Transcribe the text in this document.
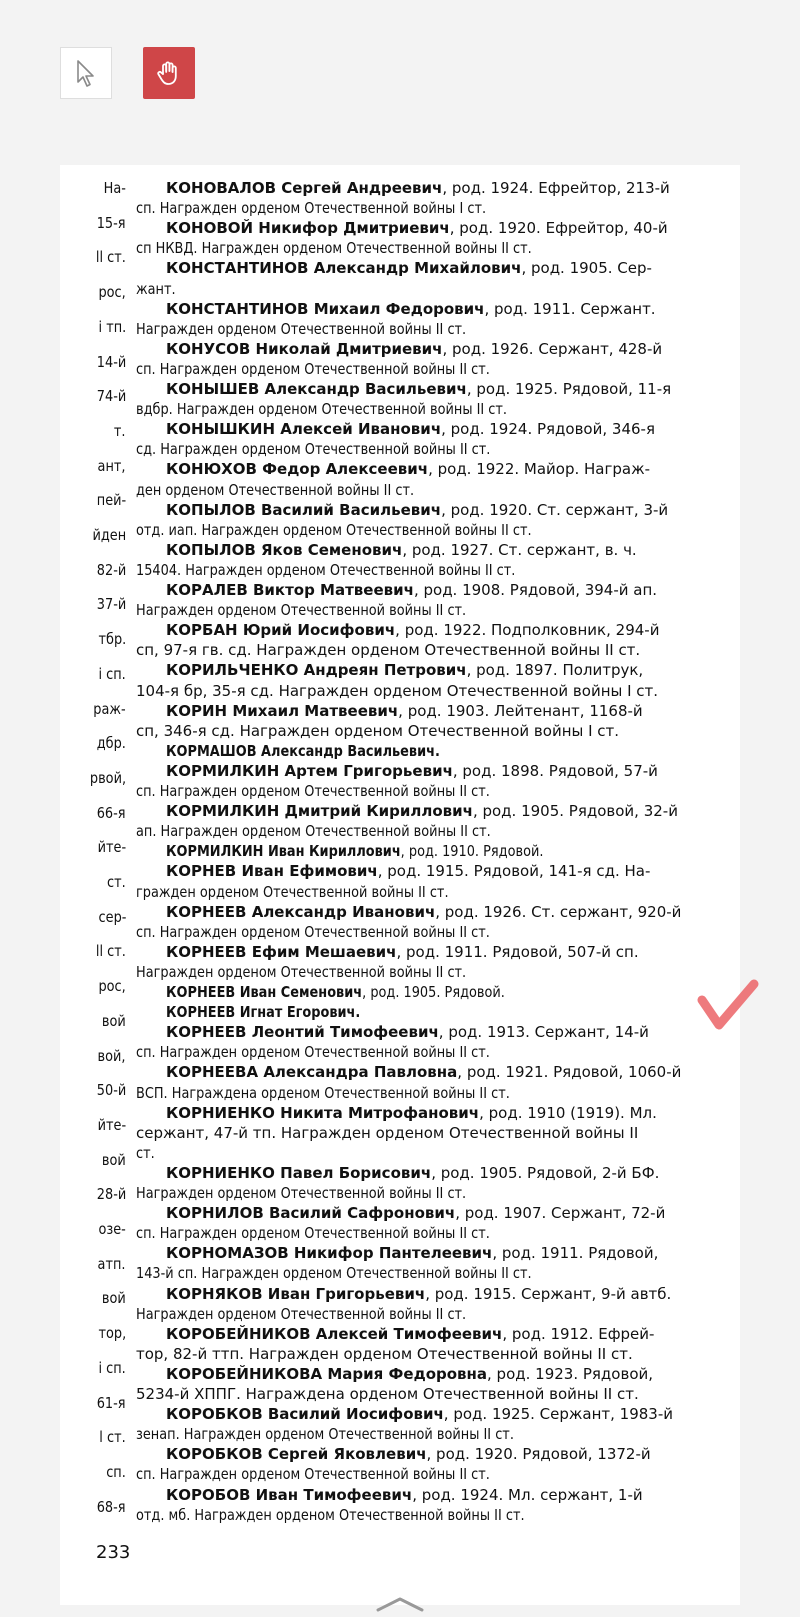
На-
15-я
ll ст.
рос,
і тп.
14-й
74-й
т.
ант,
пей-
йден
82-й
37-й
тбр.
і сп.
раж-
дбр.
рвой,
66-я
йте-
ст.
сер-
ll ст.
рос,
вой
вой,
50-й
йте-
вой
28-й
озе-
атп.
вой
тор,
і сп.
61-я
l ст.
сп.
68-я
КОНОВАЛОВ Сергей Андреевич, род. 1924. Ефрейтор, 213-й
сп. Награжден орденом Отечественной войны I ст.
КОНОВОЙ Никифор Дмитриевич, род. 1920. Ефрейтор, 40-й
сп НКВД. Награжден орденом Отечественной войны II ст.
КОНСТАНТИНОВ Александр Михайлович, род. 1905. Сер-
жант.
КОНСТАНТИНОВ Михаил Федорович, род. 1911. Сержант.
Награжден орденом Отечественной войны II ст.
КОНУСОВ Николай Дмитриевич, род. 1926. Сержант, 428-й
сп. Награжден орденом Отечественной войны II ст.
КОНЫШЕВ Александр Васильевич, род. 1925. Рядовой, 11-я
вдбр. Награжден орденом Отечественной войны II ст.
КОНЫШКИН Алексей Иванович, род. 1924. Рядовой, 346-я
сд. Награжден орденом Отечественной войны II ст.
КОНЮХОВ Федор Алексеевич, род. 1922. Майор. Награж-
ден орденом Отечественной войны II ст.
КОПЫЛОВ Василий Васильевич, род. 1920. Ст. сержант, 3-й
отд. иап. Награжден орденом Отечественной войны II ст.
КОПЫЛОВ Яков Семенович, род. 1927. Ст. сержант, в. ч.
15404. Награжден орденом Отечественной войны II ст.
КОРАЛЕВ Виктор Матвеевич, род. 1908. Рядовой, 394-й ап.
Награжден орденом Отечественной войны II ст.
КОРБАН Юрий Иосифович, род. 1922. Подполковник, 294-й
сп, 97-я гв. сд. Награжден орденом Отечественной войны II ст.
КОРИЛЬЧЕНКО Андреян Петрович, род. 1897. Политрук,
104-я бр, 35-я сд. Награжден орденом Отечественной войны I ст.
КОРИН Михаил Матвеевич, род. 1903. Лейтенант, 1168-й
сп, 346-я сд. Награжден орденом Отечественной войны I ст.
КОРМАШОВ Александр Васильевич.
КОРМИЛКИН Артем Григорьевич, род. 1898. Рядовой, 57-й
сп. Награжден орденом Отечественной войны II ст.
КОРМИЛКИН Дмитрий Кириллович, род. 1905. Рядовой, 32-й
ап. Награжден орденом Отечественной войны II ст.
КОРМИЛКИН Иван Кириллович, род. 1910. Рядовой.
КОРНЕВ Иван Ефимович, род. 1915. Рядовой, 141-я сд. На-
гражден орденом Отечественной войны II ст.
КОРНЕЕВ Александр Иванович, род. 1926. Ст. сержант, 920-й
сп. Награжден орденом Отечественной войны II ст.
КОРНЕЕВ Ефим Мешаевич, род. 1911. Рядовой, 507-й сп.
Награжден орденом Отечественной войны II ст.
КОРНЕЕВ Иван Семенович, род. 1905. Рядовой.
КОРНЕЕВ Игнат Егорович.
КОРНЕЕВ Леонтий Тимофеевич, род. 1913. Сержант, 14-й
сп. Награжден орденом Отечественной войны II ст.
КОРНЕЕВА Александра Павловна, род. 1921. Рядовой, 1060-й
ВСП. Награждена орденом Отечественной войны II ст.
КОРНИЕНКО Никита Митрофанович, род. 1910 (1919). Мл.
сержант, 47-й тп. Награжден орденом Отечественной войны II
ст.
КОРНИЕНКО Павел Борисович, род. 1905. Рядовой, 2-й БФ.
Награжден орденом Отечественной войны II ст.
КОРНИЛОВ Василий Сафронович, род. 1907. Сержант, 72-й
сп. Награжден орденом Отечественной войны II ст.
КОРНОМАЗОВ Никифор Пантелеевич, род. 1911. Рядовой,
143-й сп. Награжден орденом Отечественной войны II ст.
КОРНЯКОВ Иван Григорьевич, род. 1915. Сержант, 9-й автб.
Награжден орденом Отечественной войны II ст.
КОРОБЕЙНИКОВ Алексей Тимофеевич, род. 1912. Ефрей-
тор, 82-й ттп. Награжден орденом Отечественной войны II ст.
КОРОБЕЙНИКОВА Мария Федоровна, род. 1923. Рядовой,
5234-й ХППГ. Награждена орденом Отечественной войны II ст.
КОРОБКОВ Василий Иосифович, род. 1925. Сержант, 1983-й
зенап. Награжден орденом Отечественной войны II ст.
КОРОБКОВ Сергей Яковлевич, род. 1920. Рядовой, 1372-й
сп. Награжден орденом Отечественной войны II ст.
КОРОБОВ Иван Тимофеевич, род. 1924. Мл. сержант, 1-й
отд. мб. Награжден орденом Отечественной войны II ст.
233
